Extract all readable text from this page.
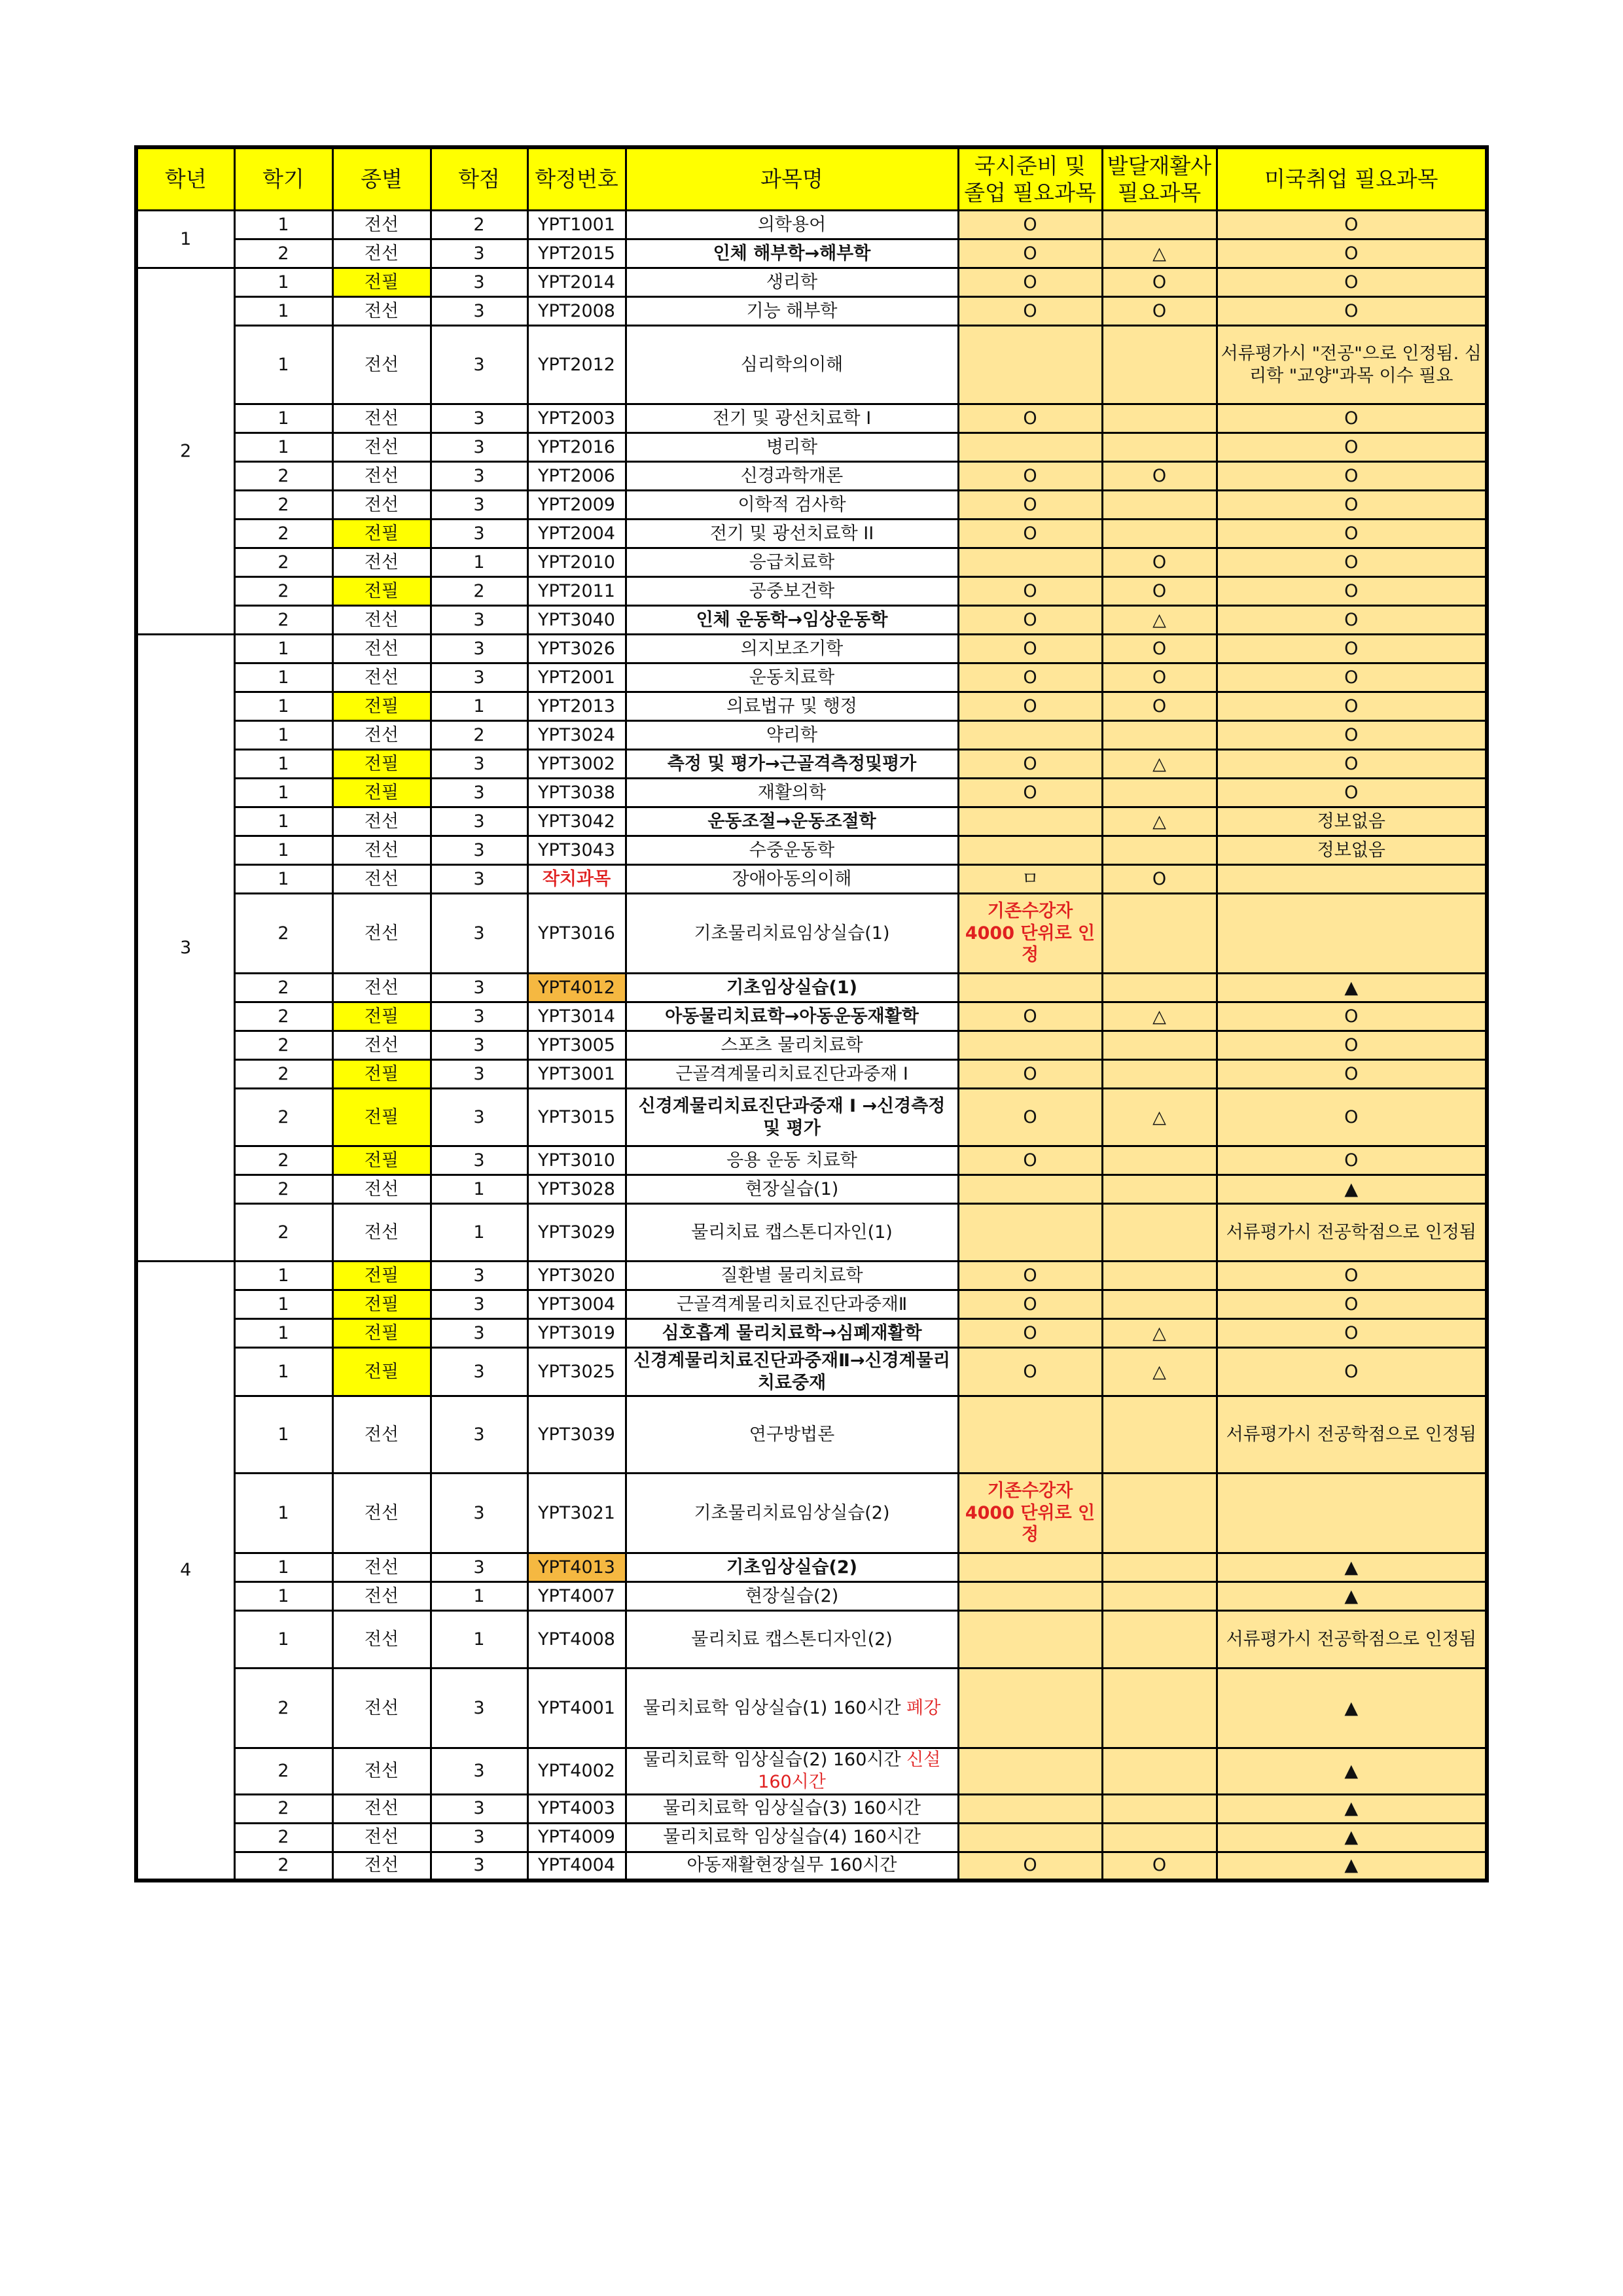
학년	학기	종별	학점	학정번호	과목명	국시준비 및 졸업 필요과목	발달재활사 필요과목	미국취업 필요과목
1	1	전선	2	YPT1001	의학용어	O		O
	2	전선	3	YPT2015	인체 해부학→해부학	O	△	O
2	1	전필	3	YPT2014	생리학	O	O	O
	1	전선	3	YPT2008	기능 해부학	O	O	O
	1	전선	3	YPT2012	심리학의이해			서류평가시 "전공"으로 인정됨. 심리학 "교양"과목 이수 필요
	1	전선	3	YPT2003	전기 및 광선치료학 I	O		O
	1	전선	3	YPT2016	병리학			O
	2	전선	3	YPT2006	신경과학개론	O	O	O
	2	전선	3	YPT2009	이학적 검사학	O		O
	2	전필	3	YPT2004	전기 및 광선치료학 II	O		O
	2	전선	1	YPT2010	응급치료학		O	O
	2	전필	2	YPT2011	공중보건학	O	O	O
	2	전선	3	YPT3040	인체 운동학→임상운동학	O	△	O
3	1	전선	3	YPT3026	의지보조기학	O	O	O
	1	전선	3	YPT2001	운동치료학	O	O	O
	1	전필	1	YPT2013	의료법규 및 행정	O	O	O
	1	전선	2	YPT3024	약리학			O
	1	전필	3	YPT3002	측정 및 평가→근골격측정및평가	O	△	O
	1	전필	3	YPT3038	재활의학	O		O
	1	전선	3	YPT3042	운동조절→운동조절학		△	정보없음
	1	전선	3	YPT3043	수중운동학			정보없음
	1	전선	3	작치과목	장애아동의이해	ㅁ	O	
	2	전선	3	YPT3016	기초물리치료임상실습(1)	기존수강자 4000 단위로 인정		
	2	전선	3	YPT4012	기초임상실습(1)			▲
	2	전필	3	YPT3014	아동물리치료학→아동운동재활학	O	△	O
	2	전선	3	YPT3005	스포츠 물리치료학			O
	2	전필	3	YPT3001	근골격계물리치료진단과중재 I	O		O
	2	전필	3	YPT3015	신경계물리치료진단과중재 I →신경측정 및 평가	O	△	O
	2	전필	3	YPT3010	응용 운동 치료학	O		O
	2	전선	1	YPT3028	현장실습(1)			▲
	2	전선	1	YPT3029	물리치료 캡스톤디자인(1)			서류평가시 전공학점으로 인정됨
4	1	전필	3	YPT3020	질환별 물리치료학	O		O
	1	전필	3	YPT3004	근골격계물리치료진단과중재Ⅱ	O		O
	1	전필	3	YPT3019	심호흡계 물리치료학→심폐재활학	O	△	O
	1	전필	3	YPT3025	신경계물리치료진단과중재Ⅱ→신경계물리치료중재	O	△	O
	1	전선	3	YPT3039	연구방법론			서류평가시 전공학점으로 인정됨
	1	전선	3	YPT3021	기초물리치료임상실습(2)	기존수강자 4000 단위로 인정		
	1	전선	3	YPT4013	기초임상실습(2)			▲
	1	전선	1	YPT4007	현장실습(2)			▲
	1	전선	1	YPT4008	물리치료 캡스톤디자인(2)			서류평가시 전공학점으로 인정됨
	2	전선	3	YPT4001	물리치료학 임상실습(1) 160시간 폐강			▲
	2	전선	3	YPT4002	물리치료학 임상실습(2) 160시간 신설160시간			▲
	2	전선	3	YPT4003	물리치료학 임상실습(3) 160시간			▲
	2	전선	3	YPT4009	물리치료학 임상실습(4) 160시간			▲
	2	전선	3	YPT4004	아동재활현장실무 160시간	O	O	▲
